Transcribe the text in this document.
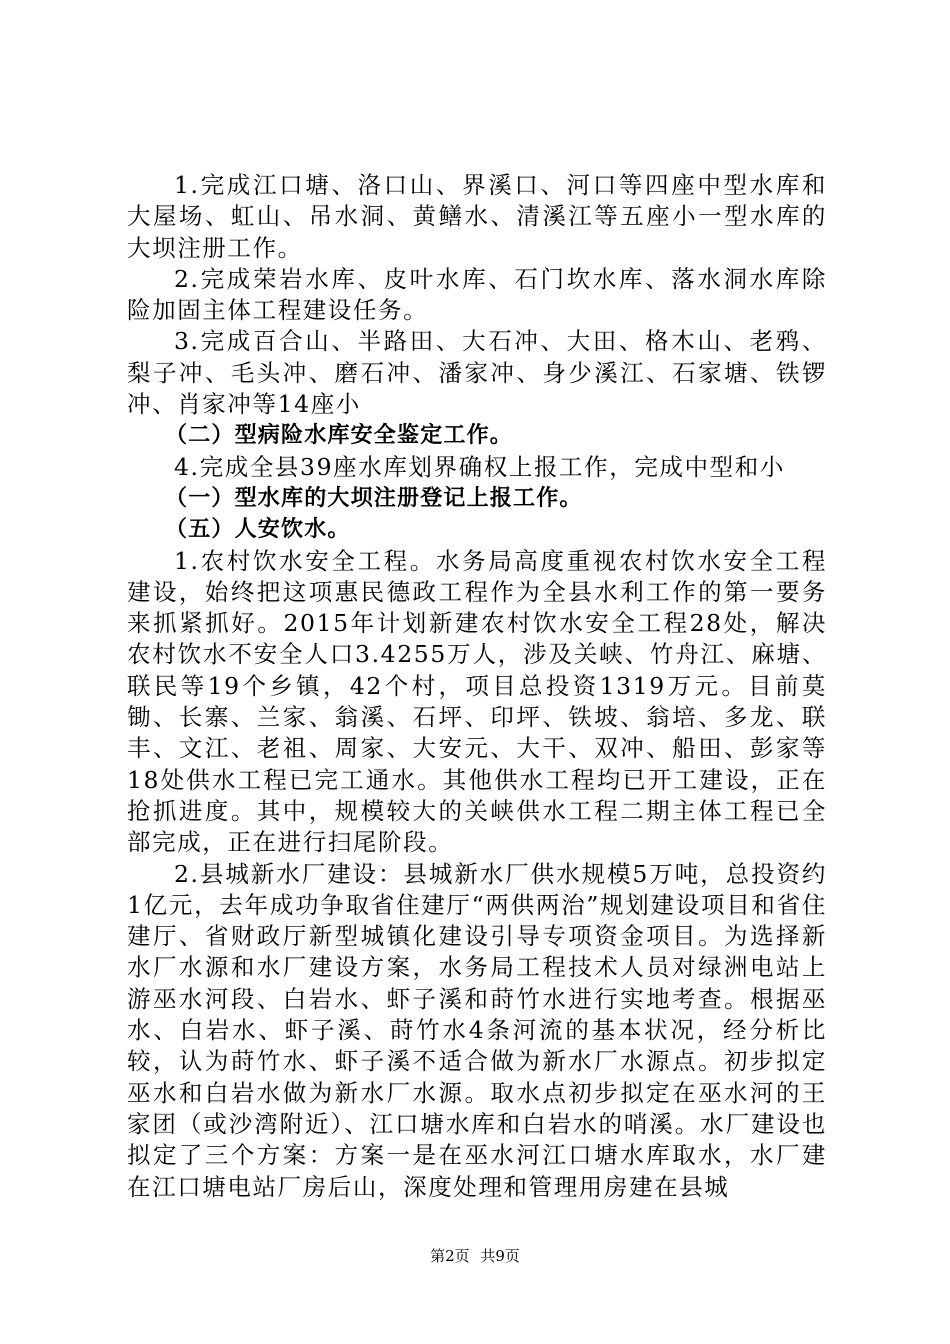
1.完成江口塘、洛口山、界溪口、河口等四座中型水库和大屋场、虹山、吊水洞、黄鳝水、清溪江等五座小一型水库的大坝注册工作。

2.完成荣岩水库、皮叶水库、石门坎水库、落水洞水库除险加固主体工程建设任务。

3.完成百合山、半路田、大石冲、大田、格木山、老鸦、梨子冲、毛头冲、磨石冲、潘家冲、身少溪江、石家塘、铁锣冲、肖家冲等14座小

（二）型病险水库安全鉴定工作。

4.完成全县39座水库划界确权上报工作，完成中型和小

（一）型水库的大坝注册登记上报工作。

（五）人安饮水。

1.农村饮水安全工程。水务局高度重视农村饮水安全工程建设，始终把这项惠民德政工程作为全县水利工作的第一要务来抓紧抓好。2015年计划新建农村饮水安全工程28处，解决农村饮水不安全人口3.4255万人，涉及关峡、竹舟江、麻塘、联民等19个乡镇，42个村，项目总投资1319万元。目前莫锄、长寨、兰家、翁溪、石坪、印坪、铁坡、翁培、多龙、联丰、文江、老祖、周家、大安元、大干、双冲、船田、彭家等18处供水工程已完工通水。其他供水工程均已开工建设，正在抢抓进度。其中，规模较大的关峡供水工程二期主体工程已全部完成，正在进行扫尾阶段。

2.县城新水厂建设：县城新水厂供水规模5万吨，总投资约1亿元，去年成功争取省住建厅“两供两治”规划建设项目和省住建厅、省财政厅新型城镇化建设引导专项资金项目。为选择新水厂水源和水厂建设方案，水务局工程技术人员对绿洲电站上游巫水河段、白岩水、虾子溪和莳竹水进行实地考查。根据巫水、白岩水、虾子溪、莳竹水4条河流的基本状况，经分析比较，认为莳竹水、虾子溪不适合做为新水厂水源点。初步拟定巫水和白岩水做为新水厂水源。取水点初步拟定在巫水河的王家团（或沙湾附近）、江口塘水库和白岩水的哨溪。水厂建设也拟定了三个方案：方案一是在巫水河江口塘水库取水，水厂建在江口塘电站厂房后山，深度处理和管理用房建在县城

第2页 共9页
